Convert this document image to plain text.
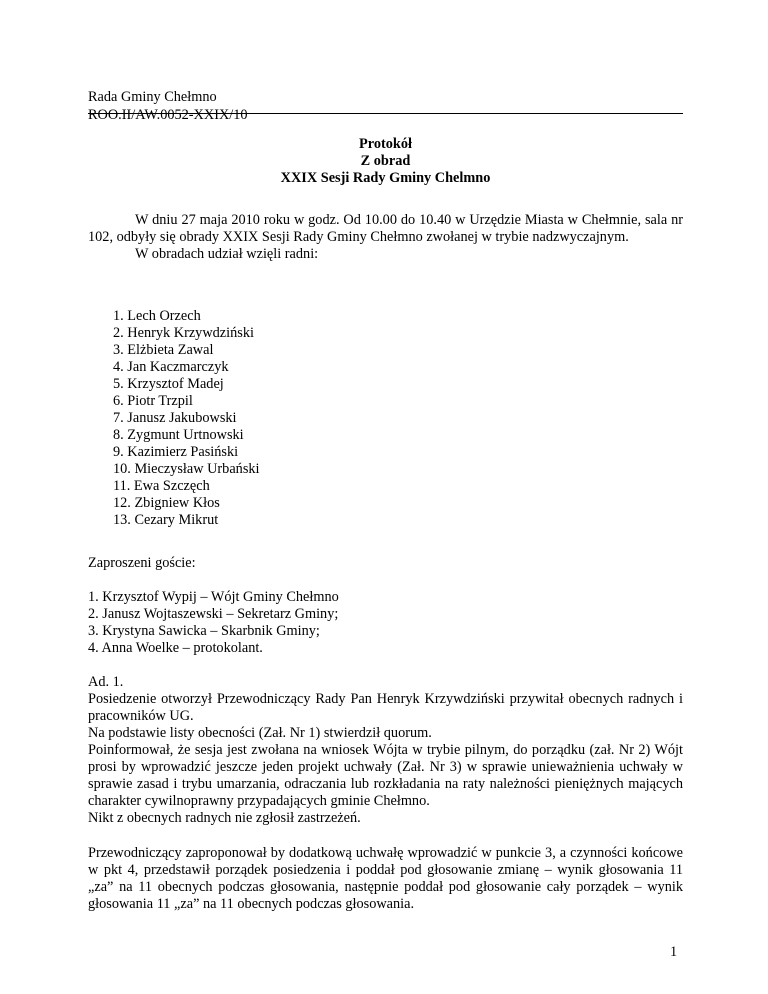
Rada Gminy Chełmno
ROO.II/AW.0052-XXIX/10
Protokół
Z obrad
XXIX Sesji Rady Gminy Chelmno

W dniu 27 maja 2010 roku w godz. Od 10.00 do 10.40 w Urzędzie Miasta w Chełmnie, sala nr 102, odbyły się obrady XXIX Sesji Rady Gminy Chełmno zwołanej w trybie nadzwyczajnym.

W obradach udział wzięli radni:

1. Lech Orzech
2. Henryk Krzywdziński
3. Elżbieta Zawal
4. Jan Kaczmarczyk
5. Krzysztof Madej
6. Piotr Trzpil
7. Janusz Jakubowski
8. Zygmunt Urtnowski
9. Kazimierz Pasiński
10. Mieczysław Urbański
11. Ewa Szczęch
12. Zbigniew Kłos
13. Cezary Mikrut
Zaproszeni goście:
1. Krzysztof Wypij – Wójt Gminy Chełmno
2. Janusz Wojtaszewski – Sekretarz Gminy;
3. Krystyna Sawicka – Skarbnik Gminy;
4. Anna Woelke – protokolant.

Ad. 1.

Posiedzenie otworzył Przewodniczący Rady Pan Henryk Krzywdziński przywitał obecnych radnych i pracowników UG.

Na podstawie listy obecności (Zał. Nr 1) stwierdził quorum.

Poinformował, że sesja jest zwołana na wniosek Wójta w trybie pilnym, do porządku (zał. Nr 2) Wójt prosi by wprowadzić jeszcze jeden projekt uchwały (Zał. Nr 3) w sprawie unieważnienia uchwały w sprawie zasad i trybu umarzania, odraczania lub rozkładania na raty należności pieniężnych mających charakter cywilnoprawny przypadających gminie Chełmno.

Nikt z obecnych radnych nie zgłosił zastrzeżeń.

Przewodniczący zaproponował by dodatkową uchwałę wprowadzić w punkcie 3, a czynności końcowe w pkt 4, przedstawił porządek posiedzenia i poddał pod głosowanie zmianę – wynik głosowania 11 „za” na 11 obecnych podczas głosowania, następnie poddał pod głosowanie cały porządek – wynik głosowania 11 „za” na 11 obecnych podczas głosowania.

1
